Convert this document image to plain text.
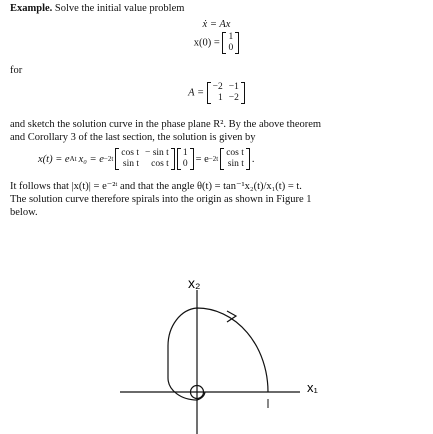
Example. Solve the initial value problem
ẋ = Ax
x(0) =
1
0
for
A =
−2 −1
1 −2
and sketch the solution curve in the phase plane R². By the above theorem
and Corollary 3 of the last section, the solution is given by
x(t) = e At x₀ = e −2t
cos t − sin t
sin t	cos t
1
0 = e −2t
cos t
sin t .
It follows that |x(t)| = e⁻²ᵗ and that the angle θ(t) = tan⁻¹x₂(t)/x₁(t) = t.
The solution curve therefore spirals into the origin as shown in Figure 1
below.
x₂
x₁
